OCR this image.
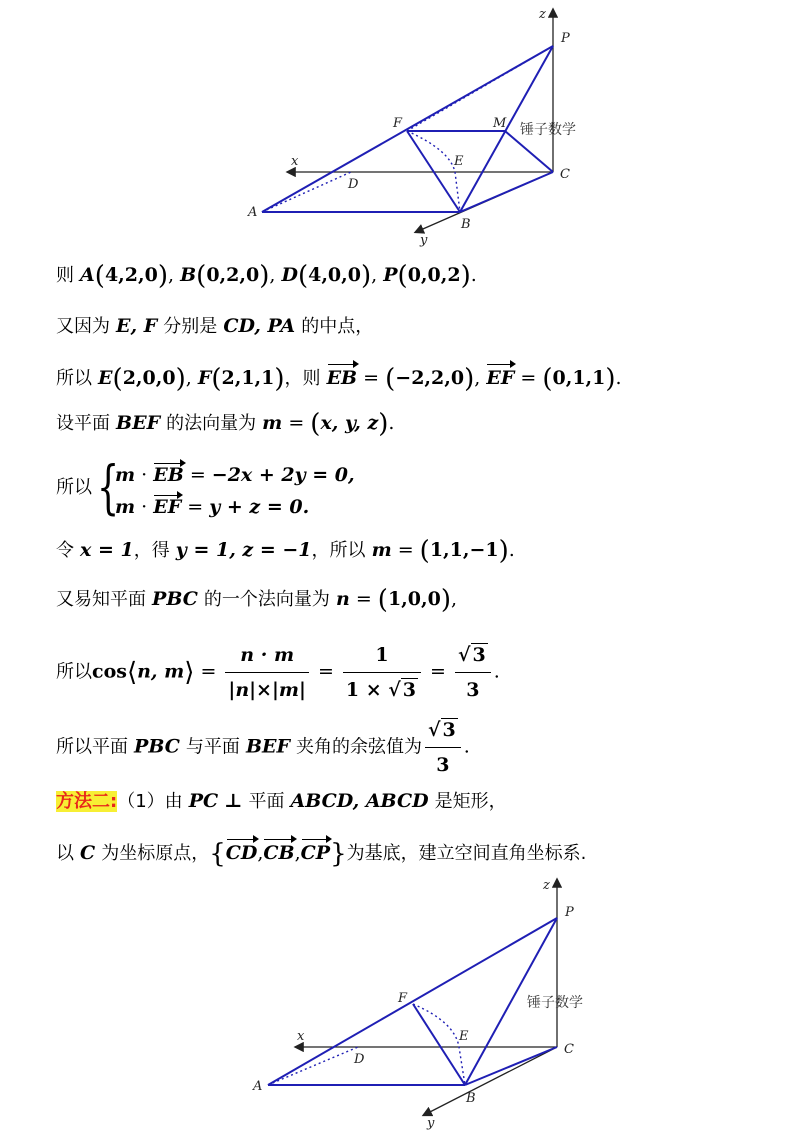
z
P
F	M 锤子数学
x	E
D
C
A
B
y
则 A(4,2,0), B(0,2,0), D(4,0,0), P(0,0,2).
又因为 E, F 分别是 CD, PA 的中点，
所以 E(2,0,0), F(2,1,1)，则 EB = (−2,2,0), EF = (0,1,1).
设平面 BEF 的法向量为 m = (x, y, z).
所以 {
m · EB = −2x + 2y = 0,
m · EF = y + z = 0.
令 x = 1，得 y = 1, z = −1，所以 m = (1,1,−1).
又易知平面 PBC 的一个法向量为 n = (1,0,0),
所以cos⟨n, m⟩ = $\frac{n \cdot m}{|n|\times|m|} = \frac{1}{1 \times √ 3} = \frac{√ 3}{3}$ .
所以平面 PBC 与平面 BEF 夹角的余弦值为 $\frac{√ 3}{3}$ .
方法二:（1）由 PC ⊥ 平面 ABCD, ABCD 是矩形，
以 C 为坐标原点，{CD,CB,CP}为基底，建立空间直角坐标系.
z
P
F	锤子数学
x	E
D
C
A
B
y
